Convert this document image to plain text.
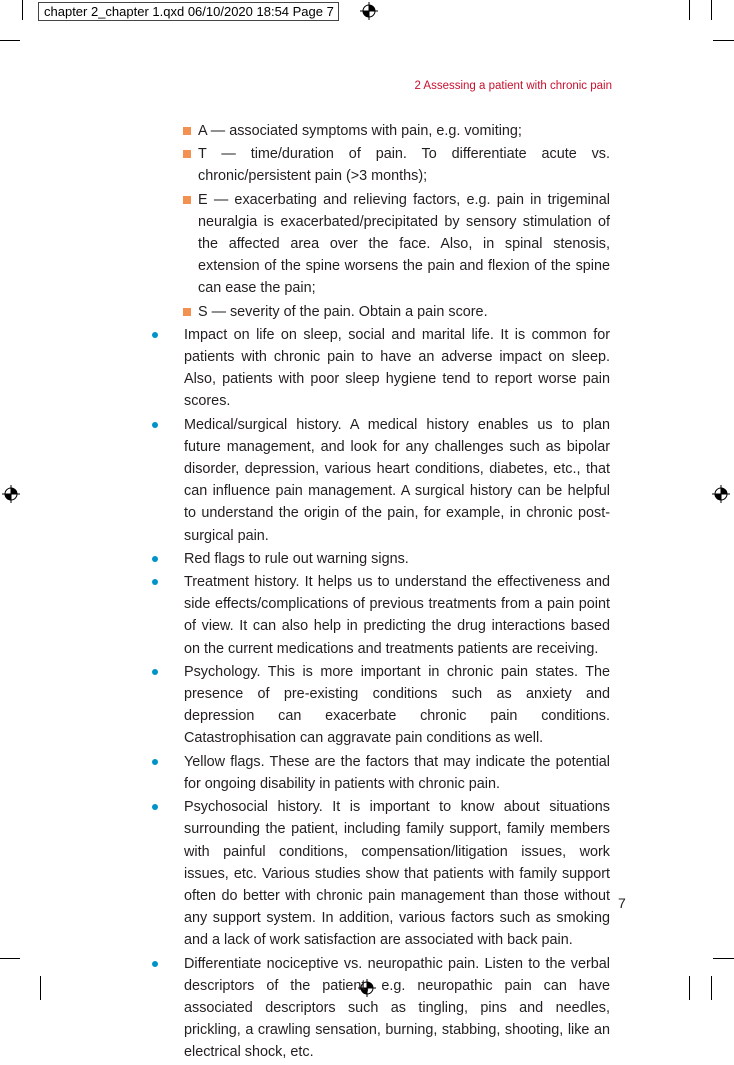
chapter 2_chapter 1.qxd 06/10/2020 18:54 Page 7
2 Assessing a patient with chronic pain
A — associated symptoms with pain, e.g. vomiting;
T — time/duration of pain. To differentiate acute vs. chronic/persistent pain (>3 months);
E — exacerbating and relieving factors, e.g. pain in trigeminal neuralgia is exacerbated/precipitated by sensory stimulation of the affected area over the face. Also, in spinal stenosis, extension of the spine worsens the pain and flexion of the spine can ease the pain;
S — severity of the pain. Obtain a pain score.
Impact on life on sleep, social and marital life. It is common for patients with chronic pain to have an adverse impact on sleep. Also, patients with poor sleep hygiene tend to report worse pain scores.
Medical/surgical history. A medical history enables us to plan future management, and look for any challenges such as bipolar disorder, depression, various heart conditions, diabetes, etc., that can influence pain management. A surgical history can be helpful to understand the origin of the pain, for example, in chronic post-surgical pain.
Red flags to rule out warning signs.
Treatment history. It helps us to understand the effectiveness and side effects/complications of previous treatments from a pain point of view. It can also help in predicting the drug interactions based on the current medications and treatments patients are receiving.
Psychology. This is more important in chronic pain states. The presence of pre-existing conditions such as anxiety and depression can exacerbate chronic pain conditions. Catastrophisation can aggravate pain conditions as well.
Yellow flags. These are the factors that may indicate the potential for ongoing disability in patients with chronic pain.
Psychosocial history. It is important to know about situations surrounding the patient, including family support, family members with painful conditions, compensation/litigation issues, work issues, etc. Various studies show that patients with family support often do better with chronic pain management than those without any support system. In addition, various factors such as smoking and a lack of work satisfaction are associated with back pain.
Differentiate nociceptive vs. neuropathic pain. Listen to the verbal descriptors of the patient, e.g. neuropathic pain can have associated descriptors such as tingling, pins and needles, prickling, a crawling sensation, burning, stabbing, shooting, like an electrical shock, etc.
7
